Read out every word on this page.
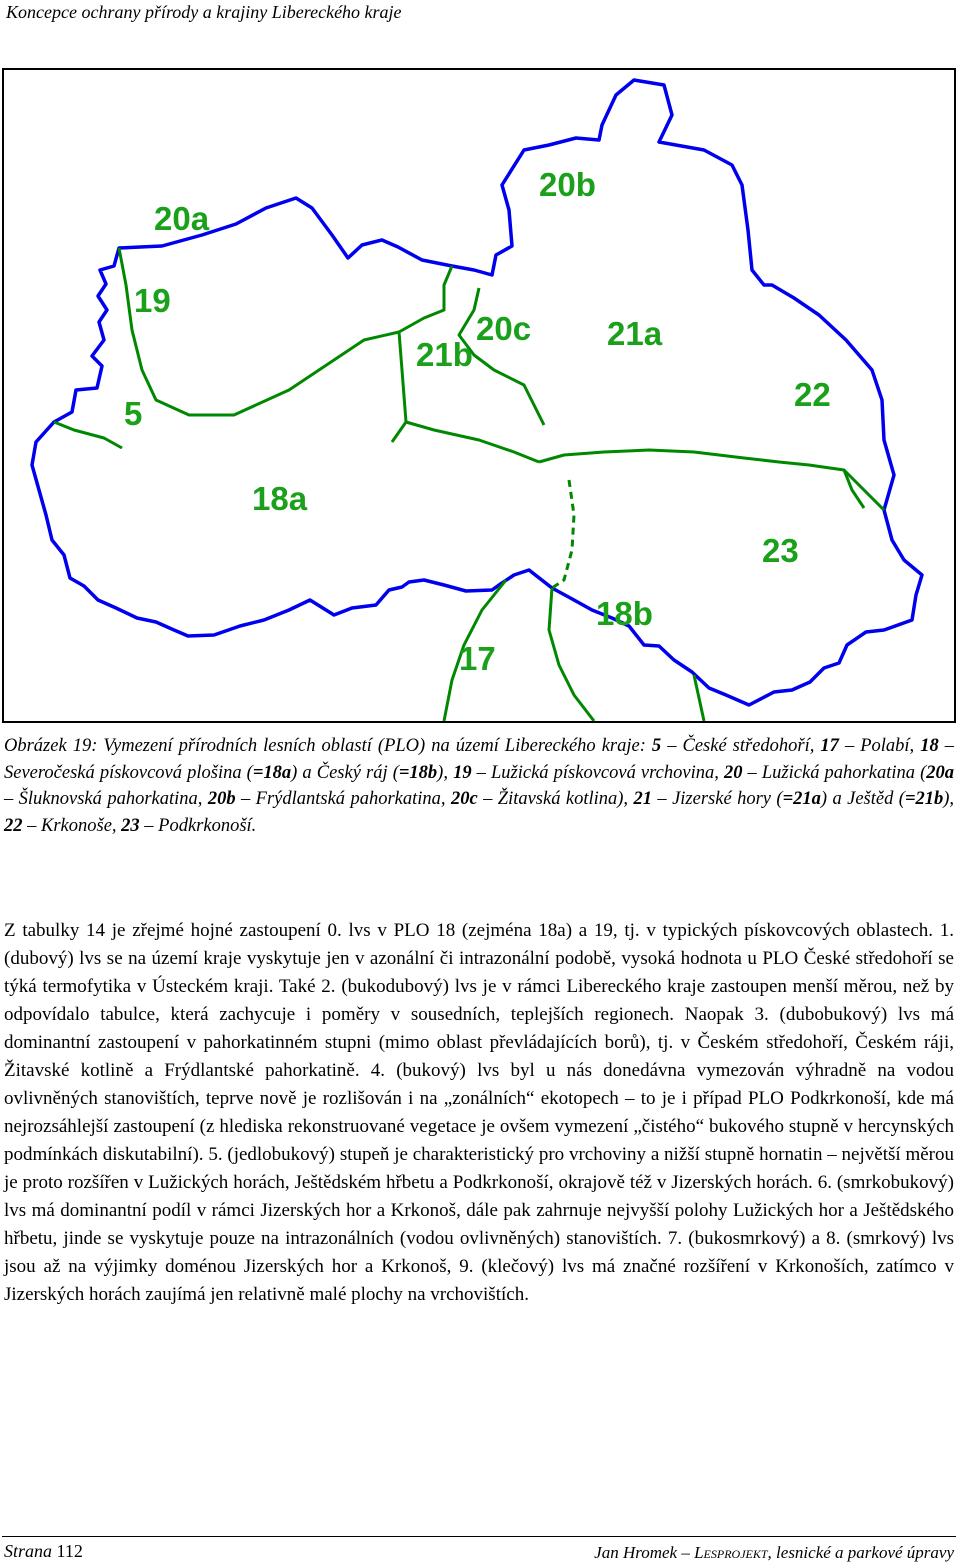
Koncepce ochrany přírody a krajiny Libereckého kraje
20a
20b
19
20c 21a
21b
5
22
18a
23
18b
17
Obrázek 19: Vymezení přírodních lesních oblastí (PLO) na území Libereckého kraje: 5 – České středohoří, 17 – Polabí, 18 – Severočeská pískovcová plošina (=18a) a Český ráj (=18b), 19 – Lužická pískovcová vrchovina, 20 – Lužická pahorkatina (20a – Šluknovská pahorkatina, 20b – Frýdlantská pahorkatina, 20c – Žitavská kotlina), 21 – Jizerské hory (=21a) a Ještěd (=21b), 22 – Krkonoše, 23 – Podkrkonoší.
Z tabulky 14 je zřejmé hojné zastoupení 0. lvs v PLO 18 (zejména 18a) a 19, tj. v typických pískovcových oblastech. 1. (dubový) lvs se na území kraje vyskytuje jen v azonální či intrazonální podobě, vysoká hodnota u PLO České středohoří se týká termofytika v Ústeckém kraji. Také 2. (bukodubový) lvs je v rámci Libereckého kraje zastoupen menší měrou, než by odpovídalo tabulce, která zachycuje i poměry v sousedních, teplejších regionech. Naopak 3. (dubobukový) lvs má dominantní zastoupení v pahorkatinném stupni (mimo oblast převládajících borů), tj. v Českém středohoří, Českém ráji, Žitavské kotlině a Frýdlantské pahorkatině. 4. (bukový) lvs byl u nás donedávna vymezován výhradně na vodou ovlivněných stanovištích, teprve nově je rozlišován i na „zonálních“ ekotopech – to je i případ PLO Podkrkonoší, kde má nejrozsáhlejší zastoupení (z hlediska rekonstruované vegetace je ovšem vymezení „čistého“ bukového stupně v hercynských podmínkách diskutabilní). 5. (jedlobukový) stupeň je charakteristický pro vrchoviny a nižší stupně hornatin – největší měrou je proto rozšířen v Lužických horách, Ještědském hřbetu a Podkrkonoší, okrajově též v Jizerských horách. 6. (smrkobukový) lvs má dominantní podíl v rámci Jizerských hor a Krkonoš, dále pak zahrnuje nejvyšší polohy Lužických hor a Ještědského hřbetu, jinde se vyskytuje pouze na intrazonálních (vodou ovlivněných) stanovištích. 7. (bukosmrkový) a 8. (smrkový) lvs jsou až na výjimky doménou Jizerských hor a Krkonoš, 9. (klečový) lvs má značné rozšíření v Krkonoších, zatímco v Jizerských horách zaujímá jen relativně malé plochy na vrchovištích.
Strana 112	Jan Hromek – Lesprojekt, lesnické a parkové úpravy
